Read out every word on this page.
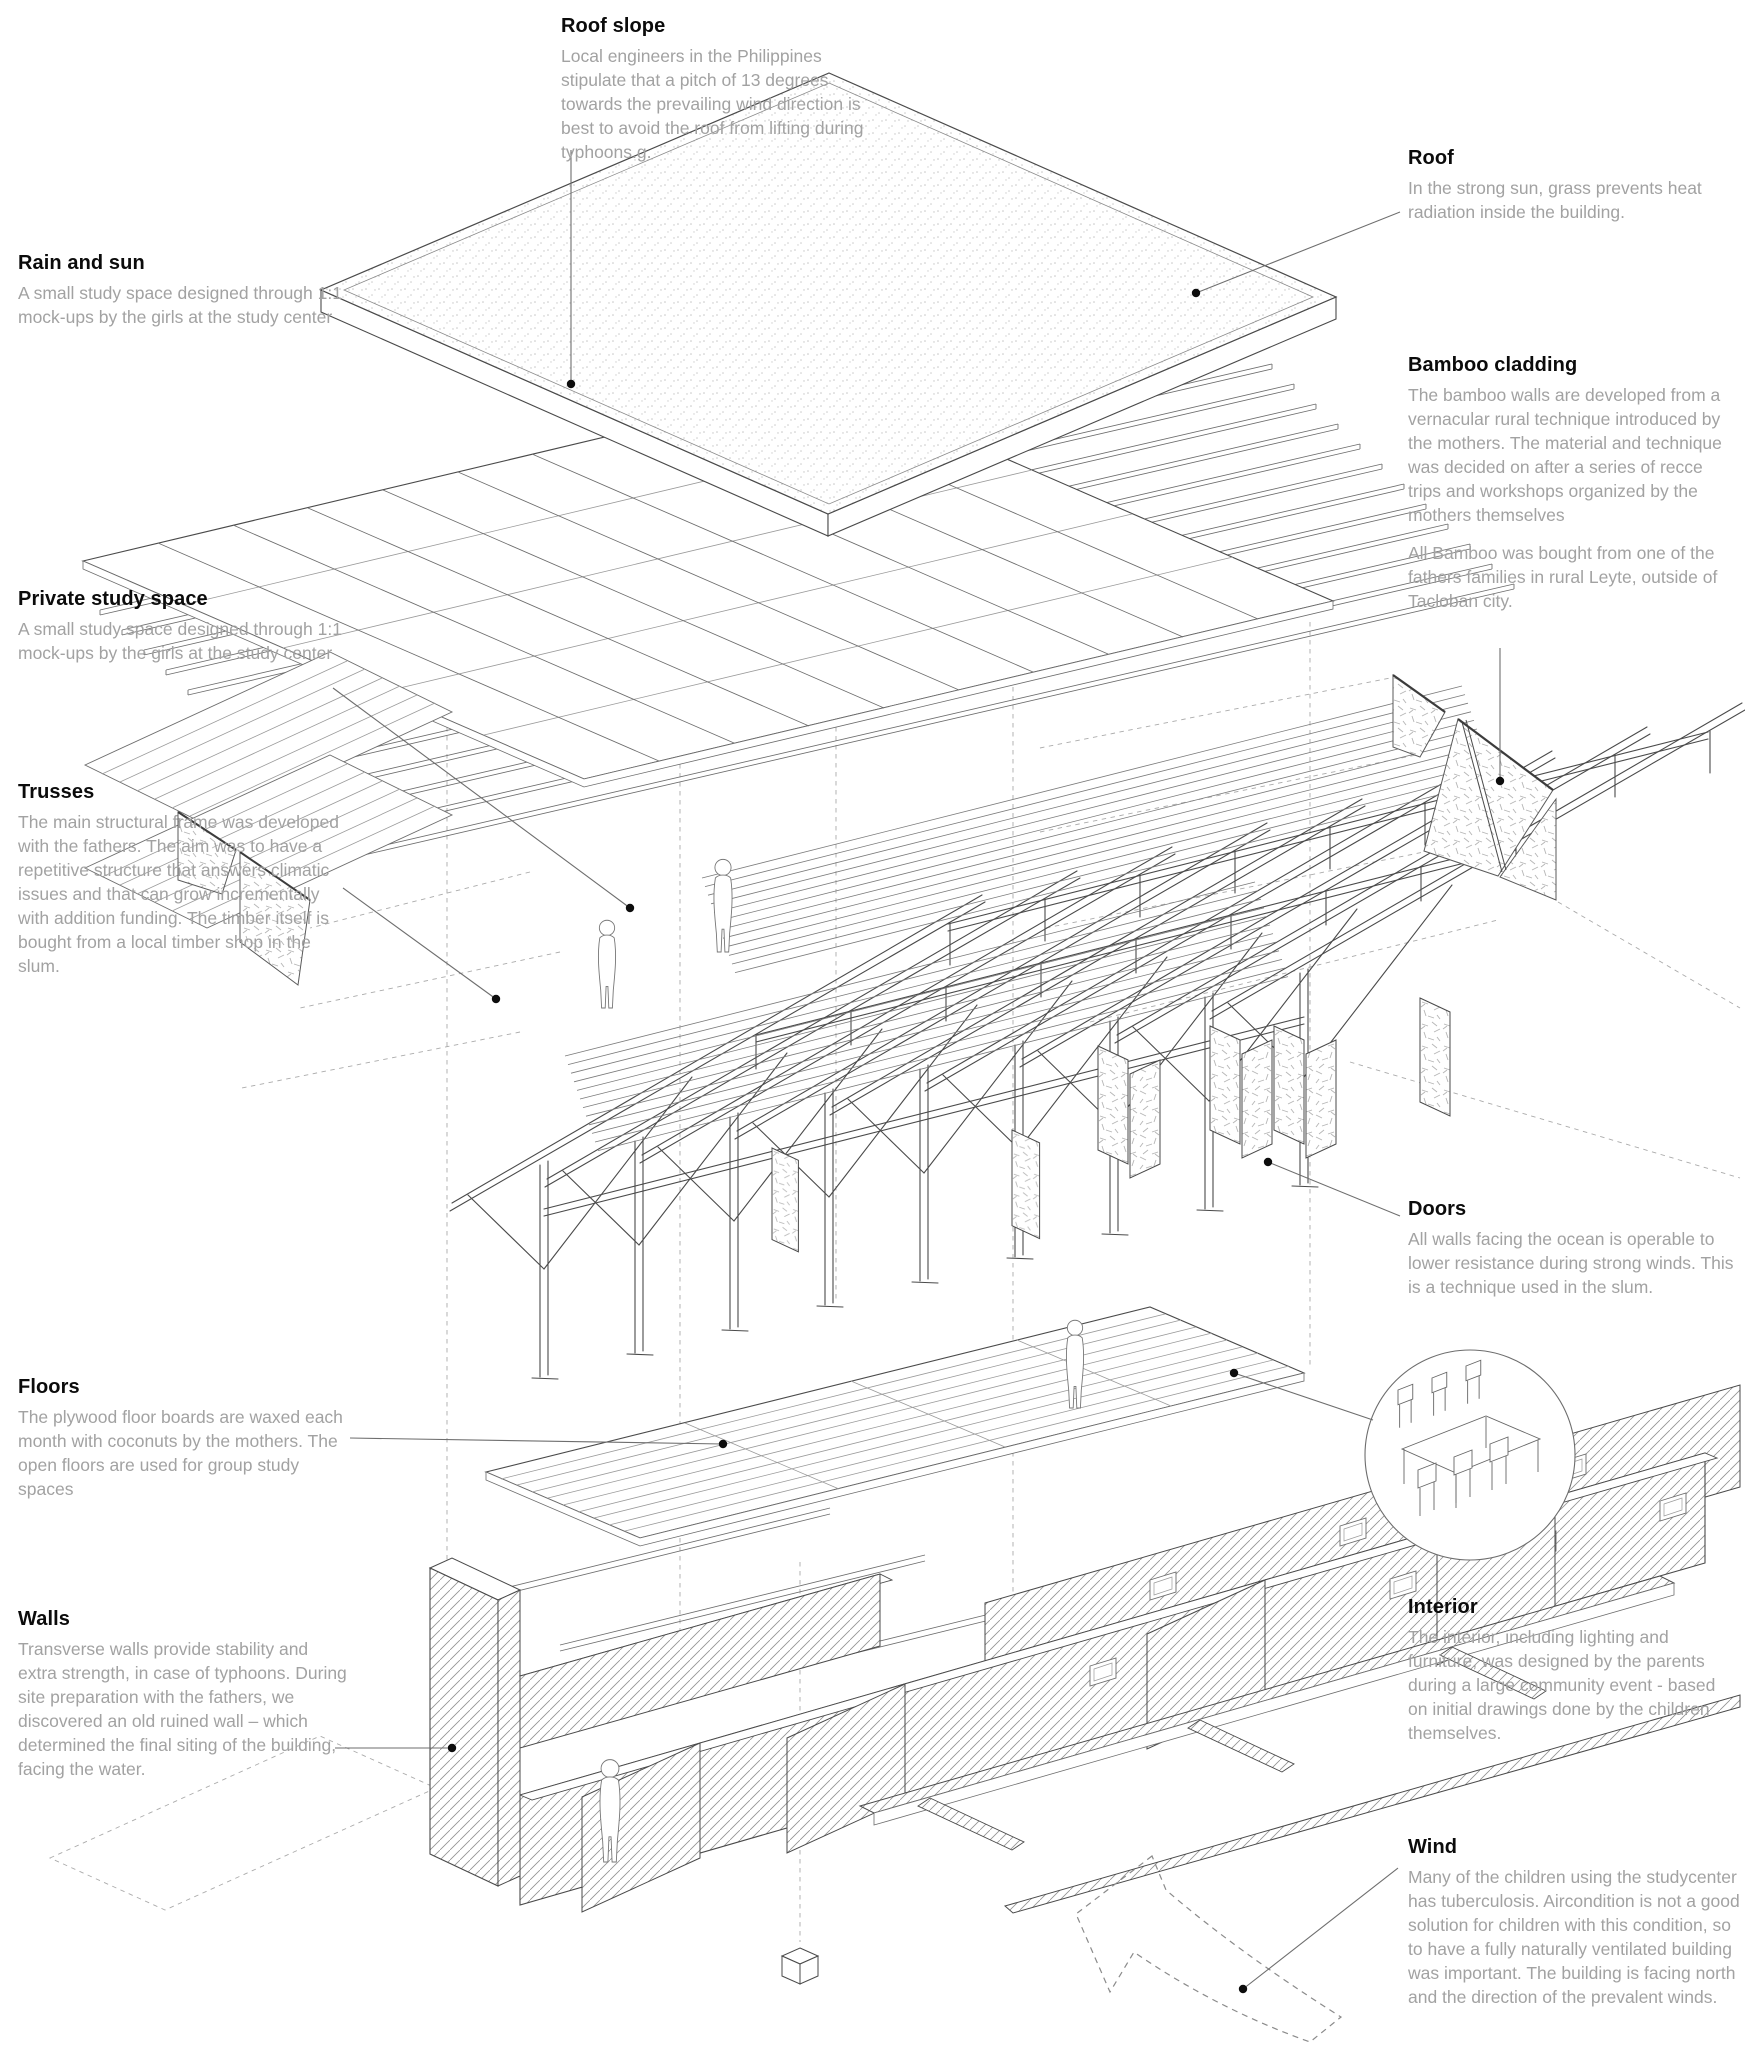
Roof slope

Local engineers in the Philippines stipulate that a pitch of 13 degrees towards the prevailing wind direction is best to avoid the roof from lifting during typhoons.g.	Roof

In the strong sun, grass prevents heat radiation inside the building.

Rain and sun

A small study space designed through 1:1 mock-ups by the girls at the study center

Bamboo cladding

The bamboo walls are developed from a vernacular rural technique introduced by the mothers. The material and technique was decided on after a series of recce trips and workshops organized by the mothers themselves

All Bamboo was bought from one of the fathers families in rural Leyte, outside of Tacloban city.

Private study space

A small study space designed through 1:1 mock-ups by the girls at the study center

Trusses

The main structural frame was developed with the fathers. The aim was to have a repetitive structure that answers climatic issues and that can grow incrementally with addition funding. The timber itself is bought from a local timber shop in the slum.

Doors

All walls facing the ocean is operable to lower resistance during strong winds. This is a technique used in the slum.

Floors

The plywood floor boards are waxed each month with coconuts by the mothers. The open floors are used for group study spaces

Interior

The interior, including lighting and furniture, was designed by the parents during a large community event - based on initial drawings done by the children themselves.

Walls

Transverse walls provide stability and extra strength, in case of typhoons. During site preparation with the fathers, we discovered an old ruined wall – which determined the final siting of the building, facing the water.

Wind

Many of the children using the studycenter has tuberculosis. Aircondition is not a good solution for children with this condition, so to have a fully naturally ventilated building was important. The building is facing north and the direction of the prevalent winds.
